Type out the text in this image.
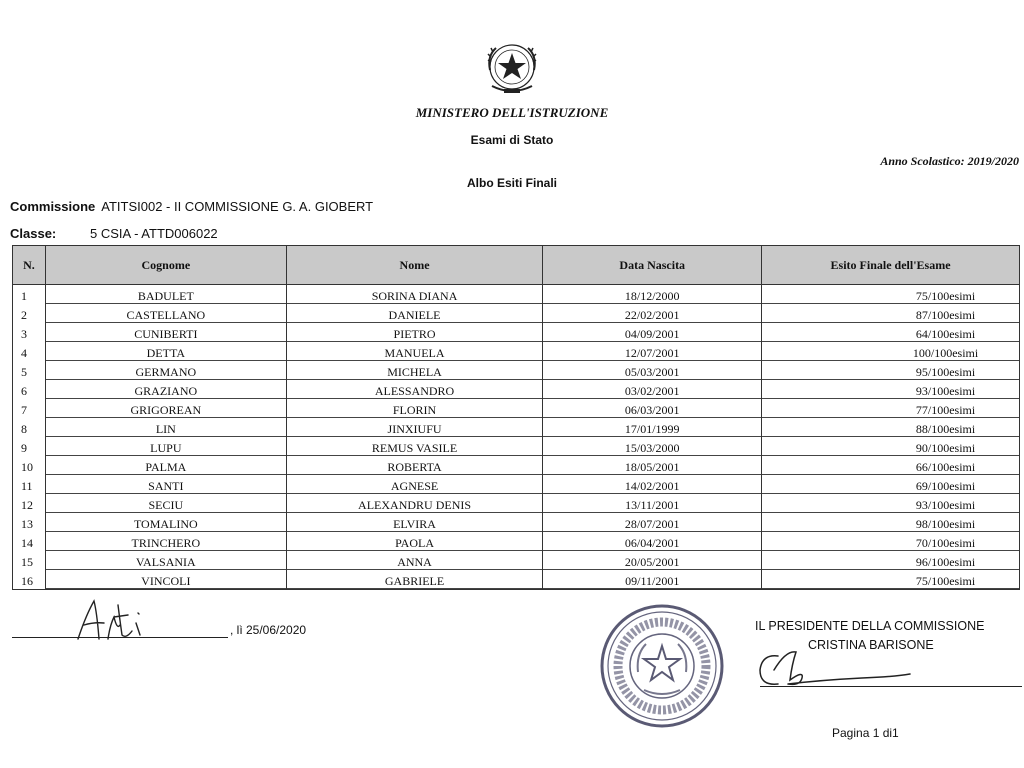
MINISTERO DELL'ISTRUZIONE
Esami di Stato
Anno Scolastico: 2019/2020
Albo Esiti Finali
Commissione ATITSI002 - II COMMISSIONE G. A. GIOBERT
Classe:	5 CSIA - ATTD006022
N.	Cognome	Nome	Data Nascita	Esito Finale dell'Esame
1	BADULET	SORINA DIANA	18/12/2000	75/100esimi
2	CASTELLANO	DANIELE	22/02/2001	87/100esimi
3	CUNIBERTI	PIETRO	04/09/2001	64/100esimi
4	DETTA	MANUELA	12/07/2001	100/100esimi
5	GERMANO	MICHELA	05/03/2001	95/100esimi
6	GRAZIANO	ALESSANDRO	03/02/2001	93/100esimi
7	GRIGOREAN	FLORIN	06/03/2001	77/100esimi
8	LIN	JINXIUFU	17/01/1999	88/100esimi
9	LUPU	REMUS VASILE	15/03/2000	90/100esimi
10	PALMA	ROBERTA	18/05/2001	66/100esimi
11	SANTI	AGNESE	14/02/2001	69/100esimi
12	SECIU	ALEXANDRU DENIS	13/11/2001	93/100esimi
13	TOMALINO	ELVIRA	28/07/2001	98/100esimi
14	TRINCHERO	PAOLA	06/04/2001	70/100esimi
15	VALSANIA	ANNA	20/05/2001	96/100esimi
16	VINCOLI	GABRIELE	09/11/2001	75/100esimi
, lì 25/06/2020	IL PRESIDENTE DELLA COMMISSIONE
CRISTINA BARISONE
Pagina 1 di1
